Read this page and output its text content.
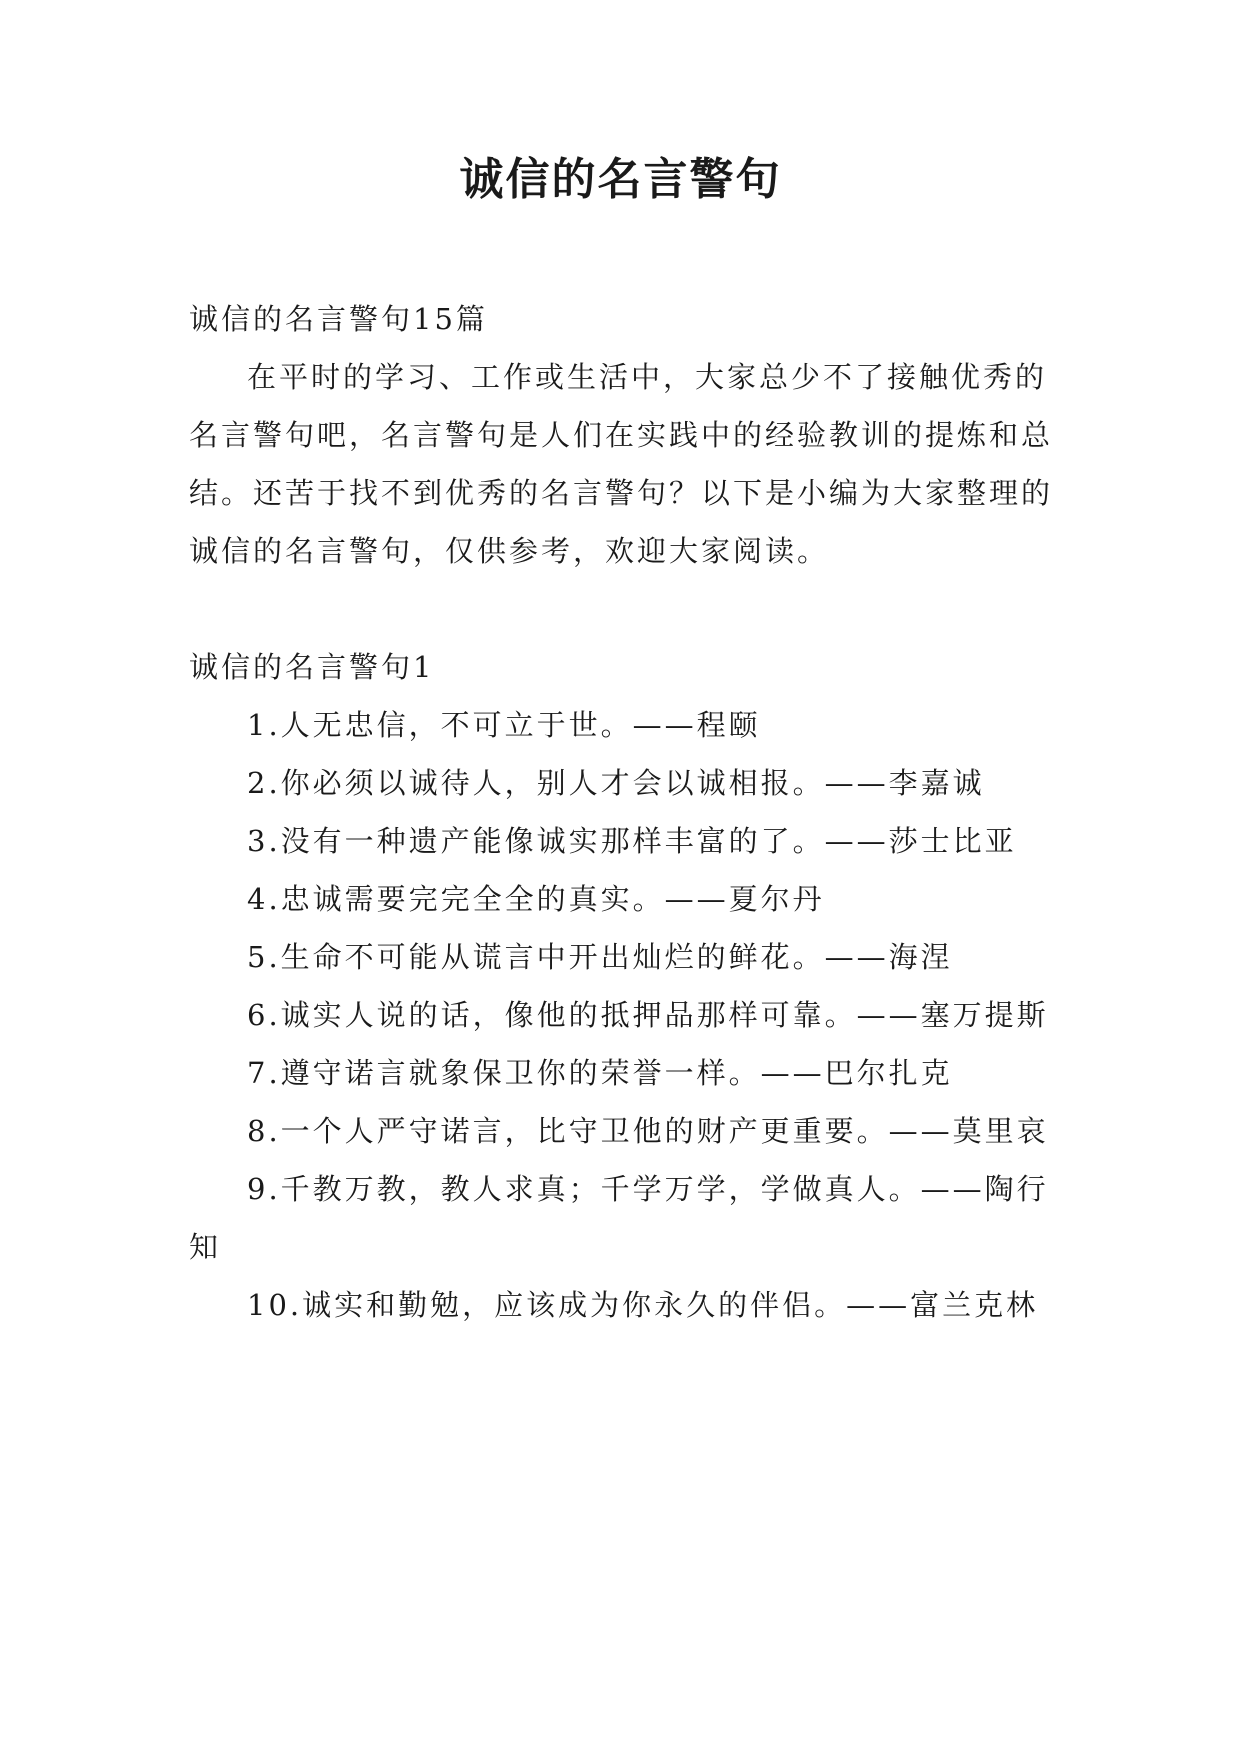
诚信的名言警句

诚信的名言警句15篇

在平时的学习、工作或生活中，大家总少不了接触优秀的名言警句吧，名言警句是人们在实践中的经验教训的提炼和总结。还苦于找不到优秀的名言警句？以下是小编为大家整理的诚信的名言警句，仅供参考，欢迎大家阅读。

诚信的名言警句1

1.人无忠信，不可立于世。——程颐

2.你必须以诚待人，别人才会以诚相报。——李嘉诚

3.没有一种遗产能像诚实那样丰富的了。——莎士比亚

4.忠诚需要完完全全的真实。——夏尔丹

5.生命不可能从谎言中开出灿烂的鲜花。——海涅

6.诚实人说的话，像他的抵押品那样可靠。——塞万提斯

7.遵守诺言就象保卫你的荣誉一样。——巴尔扎克

8.一个人严守诺言，比守卫他的财产更重要。——莫里哀

9.千教万教，教人求真；千学万学，学做真人。——陶行知

10.诚实和勤勉，应该成为你永久的伴侣。——富兰克林
